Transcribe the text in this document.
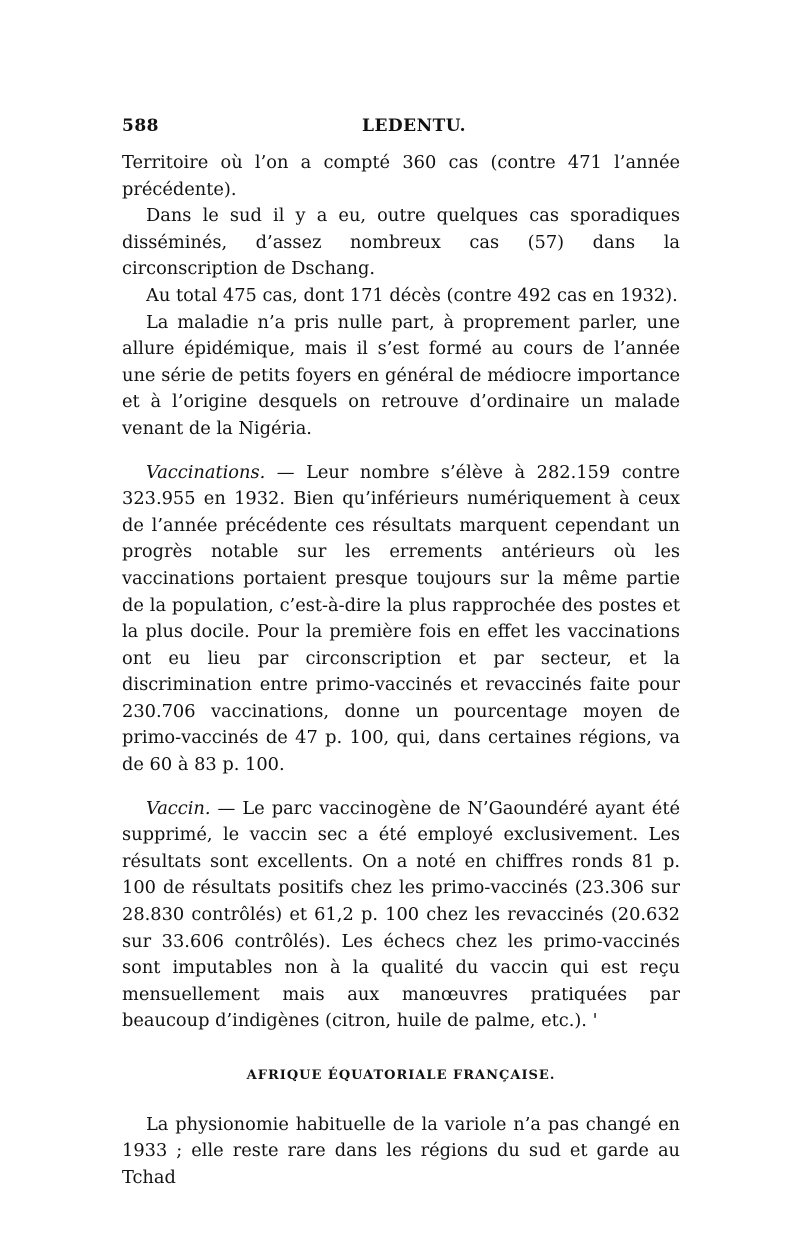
588	LEDENTU.

Territoire où l’on a compté 360 cas (contre 471 l’année précédente).

Dans le sud il y a eu, outre quelques cas sporadiques disséminés, d’assez nombreux cas (57) dans la circonscription de Dschang.

Au total 475 cas, dont 171 décès (contre 492 cas en 1932).

La maladie n’a pris nulle part, à proprement parler, une allure épidémique, mais il s’est formé au cours de l’année une série de petits foyers en général de médiocre importance et à l’origine desquels on retrouve d’ordinaire un malade venant de la Nigéria.

Vaccinations. — Leur nombre s’élève à 282.159 contre 323.955 en 1932. Bien qu’inférieurs numériquement à ceux de l’année précédente ces résultats marquent cependant un progrès notable sur les errements antérieurs où les vaccinations portaient presque toujours sur la même partie de la population, c’est-à-dire la plus rapprochée des postes et la plus docile. Pour la première fois en effet les vaccinations ont eu lieu par circonscription et par secteur, et la discrimination entre primo-vaccinés et revaccinés faite pour 230.706 vaccinations, donne un pourcentage moyen de primo-vaccinés de 47 p. 100, qui, dans certaines régions, va de 60 à 83 p. 100.

Vaccin. — Le parc vaccinogène de N’Gaoundéré ayant été supprimé, le vaccin sec a été employé exclusivement. Les résultats sont excellents. On a noté en chiffres ronds 81 p. 100 de résultats positifs chez les primo-vaccinés (23.306 sur 28.830 contrôlés) et 61,2 p. 100 chez les revaccinés (20.632 sur 33.606 contrôlés). Les échecs chez les primo-vaccinés sont imputables non à la qualité du vaccin qui est reçu mensuellement mais aux manœuvres pratiquées par beaucoup d’indigènes (citron, huile de palme, etc.). '

AFRIQUE ÉQUATORIALE FRANÇAISE.

La physionomie habituelle de la variole n’a pas changé en 1933 ; elle reste rare dans les régions du sud et garde au Tchad
